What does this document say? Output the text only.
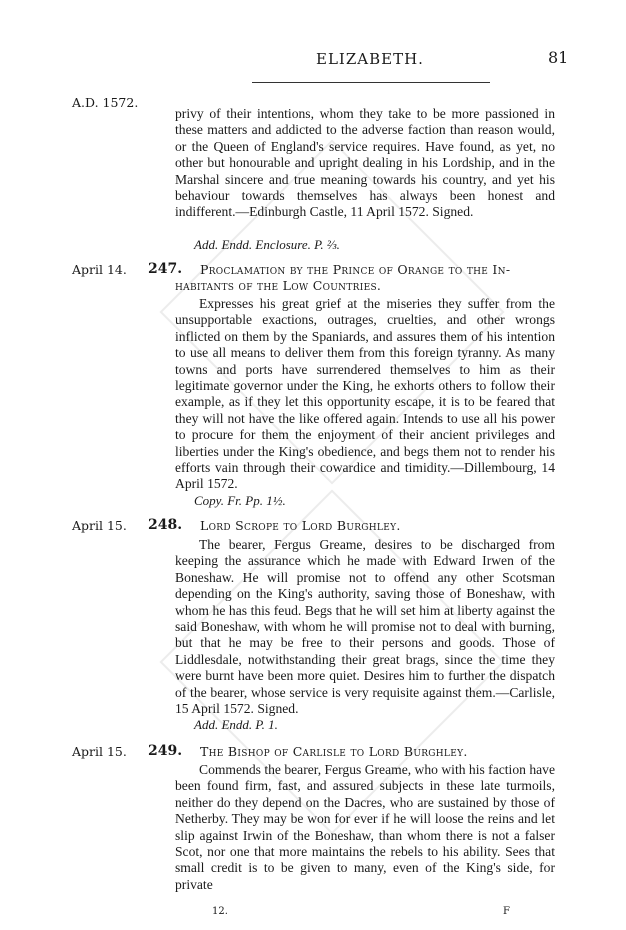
ELIZABETH.	81
A.D. 1572.

privy of their intentions, whom they take to be more passioned in these matters and addicted to the adverse faction than reason would, or the Queen of England's service requires. Have found, as yet, no other but honourable and upright dealing in his Lordship, and in the Marshal sincere and true meaning towards his country, and yet his behaviour towards themselves has always been honest and indifferent.—Edinburgh Castle, 11 April 1572. Signed.

Add. Endd. Enclosure. P. ⅔.
April 14. 247. Proclamation by the Prince of Orange to the In-
habitants of the Low Countries.

Expresses his great grief at the miseries they suffer from the unsupportable exactions, outrages, cruelties, and other wrongs inflicted on them by the Spaniards, and assures them of his intention to use all means to deliver them from this foreign tyranny. As many towns and ports have surrendered themselves to him as their legitimate governor under the King, he exhorts others to follow their example, as if they let this opportunity escape, it is to be feared that they will not have the like offered again. Intends to use all his power to procure for them the enjoyment of their ancient privileges and liberties under the King's obedience, and begs them not to render his efforts vain through their cowardice and timidity.—Dillembourg, 14 April 1572.

Copy. Fr. Pp. 1½.
April 15. 248. Lord Scrope to Lord Burghley.

The bearer, Fergus Greame, desires to be discharged from keeping the assurance which he made with Edward Irwen of the Boneshaw. He will promise not to offend any other Scotsman depending on the King's authority, saving those of Boneshaw, with whom he has this feud. Begs that he will set him at liberty against the said Boneshaw, with whom he will promise not to deal with burning, but that he may be free to their persons and goods. Those of Liddlesdale, notwithstanding their great brags, since the time they were burnt have been more quiet. Desires him to further the dispatch of the bearer, whose service is very requisite against them.—Carlisle, 15 April 1572. Signed.

Add. Endd. P. 1.
April 15. 249. The Bishop of Carlisle to Lord Burghley.

Commends the bearer, Fergus Greame, who with his faction have been found firm, fast, and assured subjects in these late turmoils, neither do they depend on the Dacres, who are sustained by those of Netherby. They may be won for ever if he will loose the reins and let slip against Irwin of the Boneshaw, than whom there is not a falser Scot, nor one that more maintains the rebels to his ability. Sees that small credit is to be given to many, even of the King's side, for private

12.	F
